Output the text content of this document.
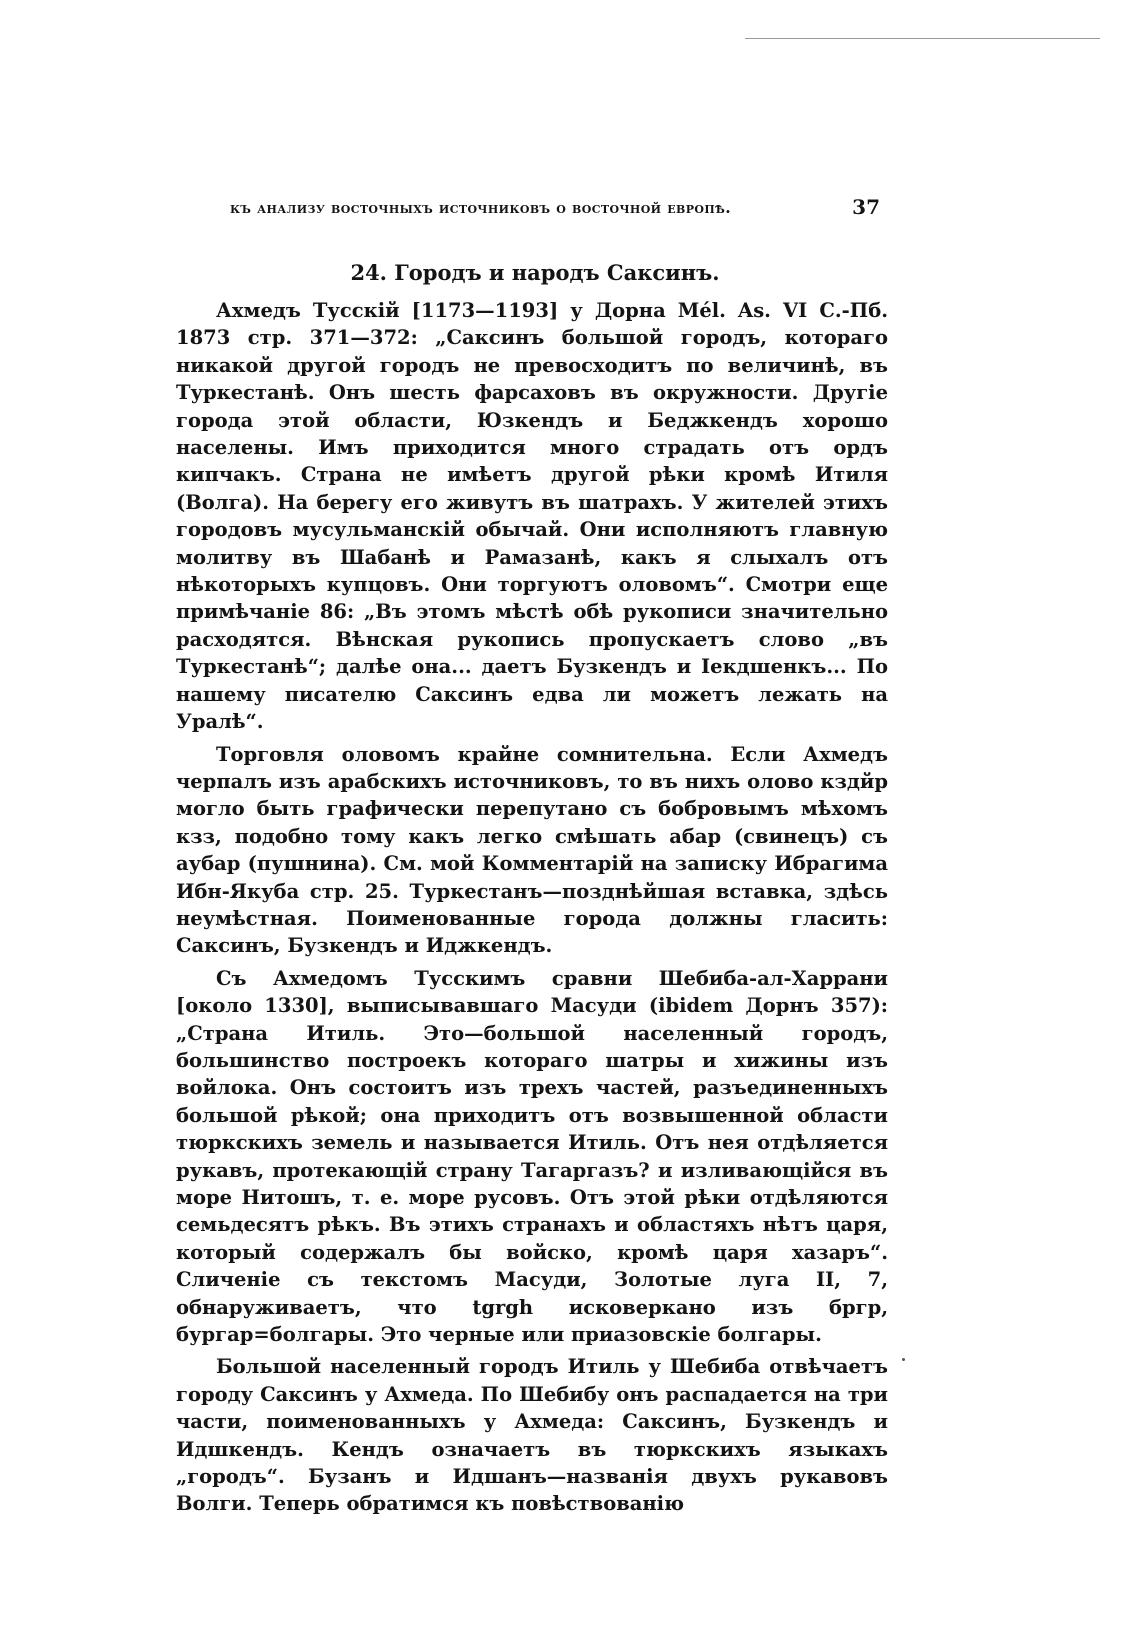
къ анализу восточныхъ источниковъ о восточной европѣ.	37
24. Городъ и народъ Саксинъ.

Ахмедъ Тусскій [1173—1193] у Дорна Mél. As. VI С.-Пб. 1873 стр. 371—372: „Саксинъ большой городъ, котораго никакой другой городъ не превосходитъ по величинѣ, въ Туркестанѣ. Онъ шесть фарсаховъ въ окружности. Другіе города этой области, Юзкендъ и Беджкендъ хорошо населены. Имъ приходится много страдать отъ ордъ кипчакъ. Страна не имѣетъ другой рѣки кромѣ Итиля (Волга). На берегу его живутъ въ шатрахъ. У жителей этихъ городовъ мусульманскій обычай. Они исполняютъ главную молитву въ Шабанѣ и Рамазанѣ, какъ я слыхалъ отъ нѣкоторыхъ купцовъ. Они торгуютъ оловомъ“. Смотри еще примѣчаніе 86: „Въ этомъ мѣстѣ обѣ рукописи значительно расходятся. Вѣнская рукопись пропускаетъ слово „въ Туркестанѣ“; далѣе она... даетъ Бузкендъ и Іекдшенкъ... По нашему писателю Саксинъ едва ли можетъ лежать на Уралѣ“.

Торговля оловомъ крайне сомнительна. Если Ахмедъ черпалъ изъ арабскихъ источниковъ, то въ нихъ олово кздйр могло быть графически перепутано съ бобровымъ мѣхомъ кзз, подобно тому какъ легко смѣшать абар (свинецъ) съ аубар (пушнина). См. мой Комментарій на записку Ибрагима Ибн-Якуба стр. 25. Туркестанъ—позднѣйшая вставка, здѣсь неумѣстная. Поименованные города должны гласить: Саксинъ, Бузкендъ и Иджкендъ.

Съ Ахмедомъ Тусскимъ сравни Шебиба-ал-Харрани [около 1330], выписывавшаго Масуди (ibidem Дорнъ 357): „Страна Итиль. Это—большой населенный городъ, большинство построекъ котораго шатры и хижины изъ войлока. Онъ состоитъ изъ трехъ частей, разъединенныхъ большой рѣкой; она приходитъ отъ возвышенной области тюркскихъ земель и называется Итиль. Отъ нея отдѣляется рукавъ, протекающій страну Тагаргазъ? и изливающійся въ море Нитошъ, т. е. море русовъ. Отъ этой рѣки отдѣляются семьдесятъ рѣкъ. Въ этихъ странахъ и областяхъ нѣтъ царя, который содержалъ бы войско, кромѣ царя хазаръ“. Сличеніе съ текстомъ Масуди, Золотые луга II, 7, обнаруживаетъ, что tgrgh исковеркано изъ бргр, бургар=болгары. Это черные или приазовскіе болгары.

Большой населенный городъ Итиль у Шебиба отвѣчаетъ городу Саксинъ у Ахмеда. По Шебибу онъ распадается на три части, поименованныхъ у Ахмеда: Саксинъ, Бузкендъ и Идшкендъ. Кендъ означаетъ въ тюркскихъ языкахъ „городъ“. Бузанъ и Идшанъ—названія двухъ рукавовъ Волги. Теперь обратимся къ повѣствованію
